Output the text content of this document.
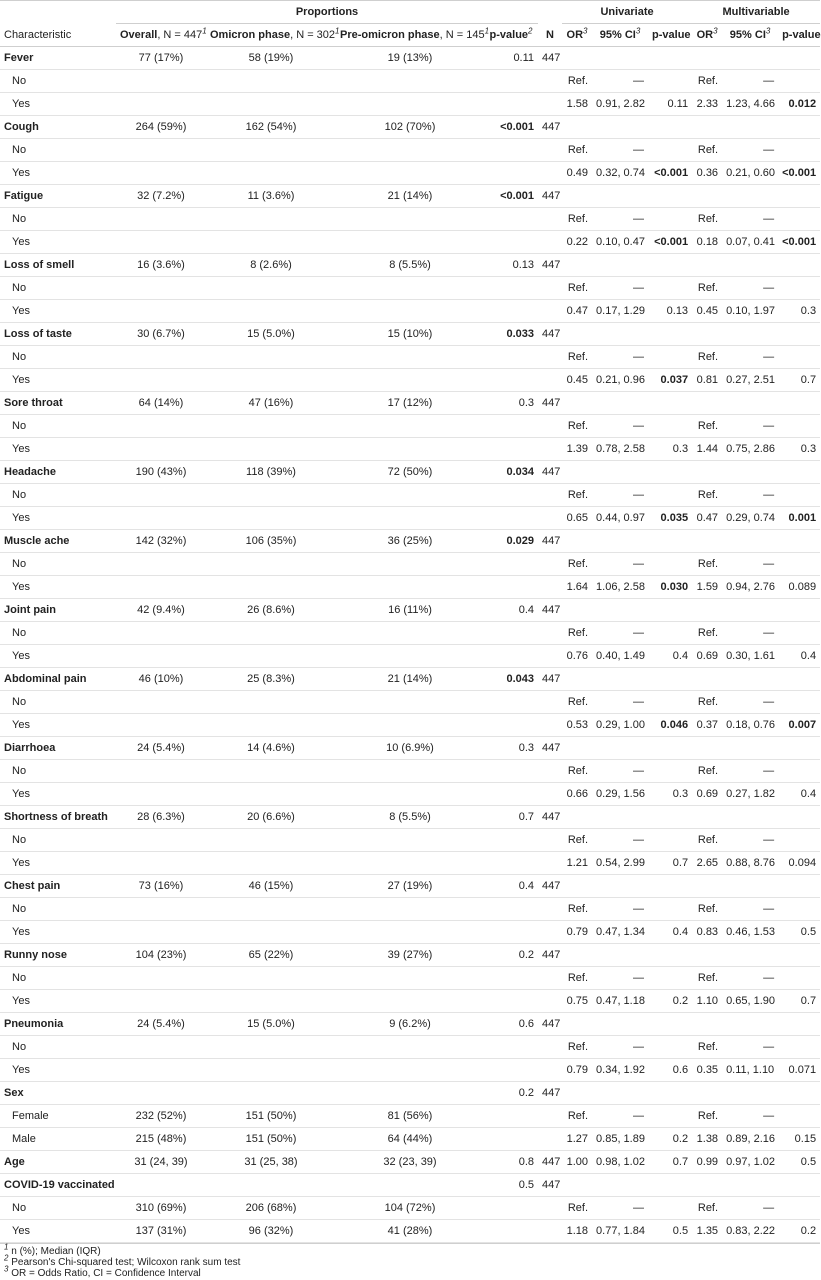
	Proportions					Univariate			Multivariable		
Characteristic	Overall, $N = 447^1$	Omicron phase, $N = 302^1$	Pre-omicron phase, $N = 145^1$	p-value$^2$	N	$OR^3$	95% $CI^3$	p-value	$OR^3$	95% $CI^3$	p-value
Fever	77 (17%)	58 (19%)	19 (13%)	0.11	447						
No						Ref.	—		Ref.	—	
Yes						1.58	0.91, 2.82	0.11	2.33	1.23, 4.66	0.012
Cough	264 (59%)	162 (54%)	102 (70%)	<0.001	447						
No						Ref.	—		Ref.	—	
Yes						0.49	0.32, 0.74	<0.001	0.36	0.21, 0.60	<0.001
Fatigue	32 (7.2%)	11 (3.6%)	21 (14%)	<0.001	447						
No						Ref.	—		Ref.	—	
Yes						0.22	0.10, 0.47	<0.001	0.18	0.07, 0.41	<0.001
Loss of smell	16 (3.6%)	8 (2.6%)	8 (5.5%)	0.13	447						
No						Ref.	—		Ref.	—	
Yes						0.47	0.17, 1.29	0.13	0.45	0.10, 1.97	0.3
Loss of taste	30 (6.7%)	15 (5.0%)	15 (10%)	0.033	447						
No						Ref.	—		Ref.	—	
Yes						0.45	0.21, 0.96	0.037	0.81	0.27, 2.51	0.7
Sore throat	64 (14%)	47 (16%)	17 (12%)	0.3	447						
No						Ref.	—		Ref.	—	
Yes						1.39	0.78, 2.58	0.3	1.44	0.75, 2.86	0.3
Headache	190 (43%)	118 (39%)	72 (50%)	0.034	447						
No						Ref.	—		Ref.	—	
Yes						0.65	0.44, 0.97	0.035	0.47	0.29, 0.74	0.001
Muscle ache	142 (32%)	106 (35%)	36 (25%)	0.029	447						
No						Ref.	—		Ref.	—	
Yes						1.64	1.06, 2.58	0.030	1.59	0.94, 2.76	0.089
Joint pain	42 (9.4%)	26 (8.6%)	16 (11%)	0.4	447						
No						Ref.	—		Ref.	—	
Yes						0.76	0.40, 1.49	0.4	0.69	0.30, 1.61	0.4
Abdominal pain	46 (10%)	25 (8.3%)	21 (14%)	0.043	447						
No						Ref.	—		Ref.	—	
Yes						0.53	0.29, 1.00	0.046	0.37	0.18, 0.76	0.007
Diarrhoea	24 (5.4%)	14 (4.6%)	10 (6.9%)	0.3	447						
No						Ref.	—		Ref.	—	
Yes						0.66	0.29, 1.56	0.3	0.69	0.27, 1.82	0.4
Shortness of breath	28 (6.3%)	20 (6.6%)	8 (5.5%)	0.7	447						
No						Ref.	—		Ref.	—	
Yes						1.21	0.54, 2.99	0.7	2.65	0.88, 8.76	0.094
Chest pain	73 (16%)	46 (15%)	27 (19%)	0.4	447						
No						Ref.	—		Ref.	—	
Yes						0.79	0.47, 1.34	0.4	0.83	0.46, 1.53	0.5
Runny nose	104 (23%)	65 (22%)	39 (27%)	0.2	447						
No						Ref.	—		Ref.	—	
Yes						0.75	0.47, 1.18	0.2	1.10	0.65, 1.90	0.7
Pneumonia	24 (5.4%)	15 (5.0%)	9 (6.2%)	0.6	447						
No						Ref.	—		Ref.	—	
Yes						0.79	0.34, 1.92	0.6	0.35	0.11, 1.10	0.071
Sex				0.2	447						
Female	232 (52%)	151 (50%)	81 (56%)			Ref.	—		Ref.	—	
Male	215 (48%)	151 (50%)	64 (44%)			1.27	0.85, 1.89	0.2	1.38	0.89, 2.16	0.15
Age	31 (24, 39)	31 (25, 38)	32 (23, 39)	0.8	447	1.00	0.98, 1.02	0.7	0.99	0.97, 1.02	0.5
COVID-19 vaccinated				0.5	447						
No	310 (69%)	206 (68%)	104 (72%)			Ref.	—		Ref.	—	
Yes	137 (31%)	96 (32%)	41 (28%)			1.18	0.77, 1.84	0.5	1.35	0.83, 2.22	0.2
$^1$ n (%); Median (IQR)
$^2$ Pearson's Chi-squared test; Wilcoxon rank sum test
$^3$ OR = Odds Ratio, CI = Confidence Interval
